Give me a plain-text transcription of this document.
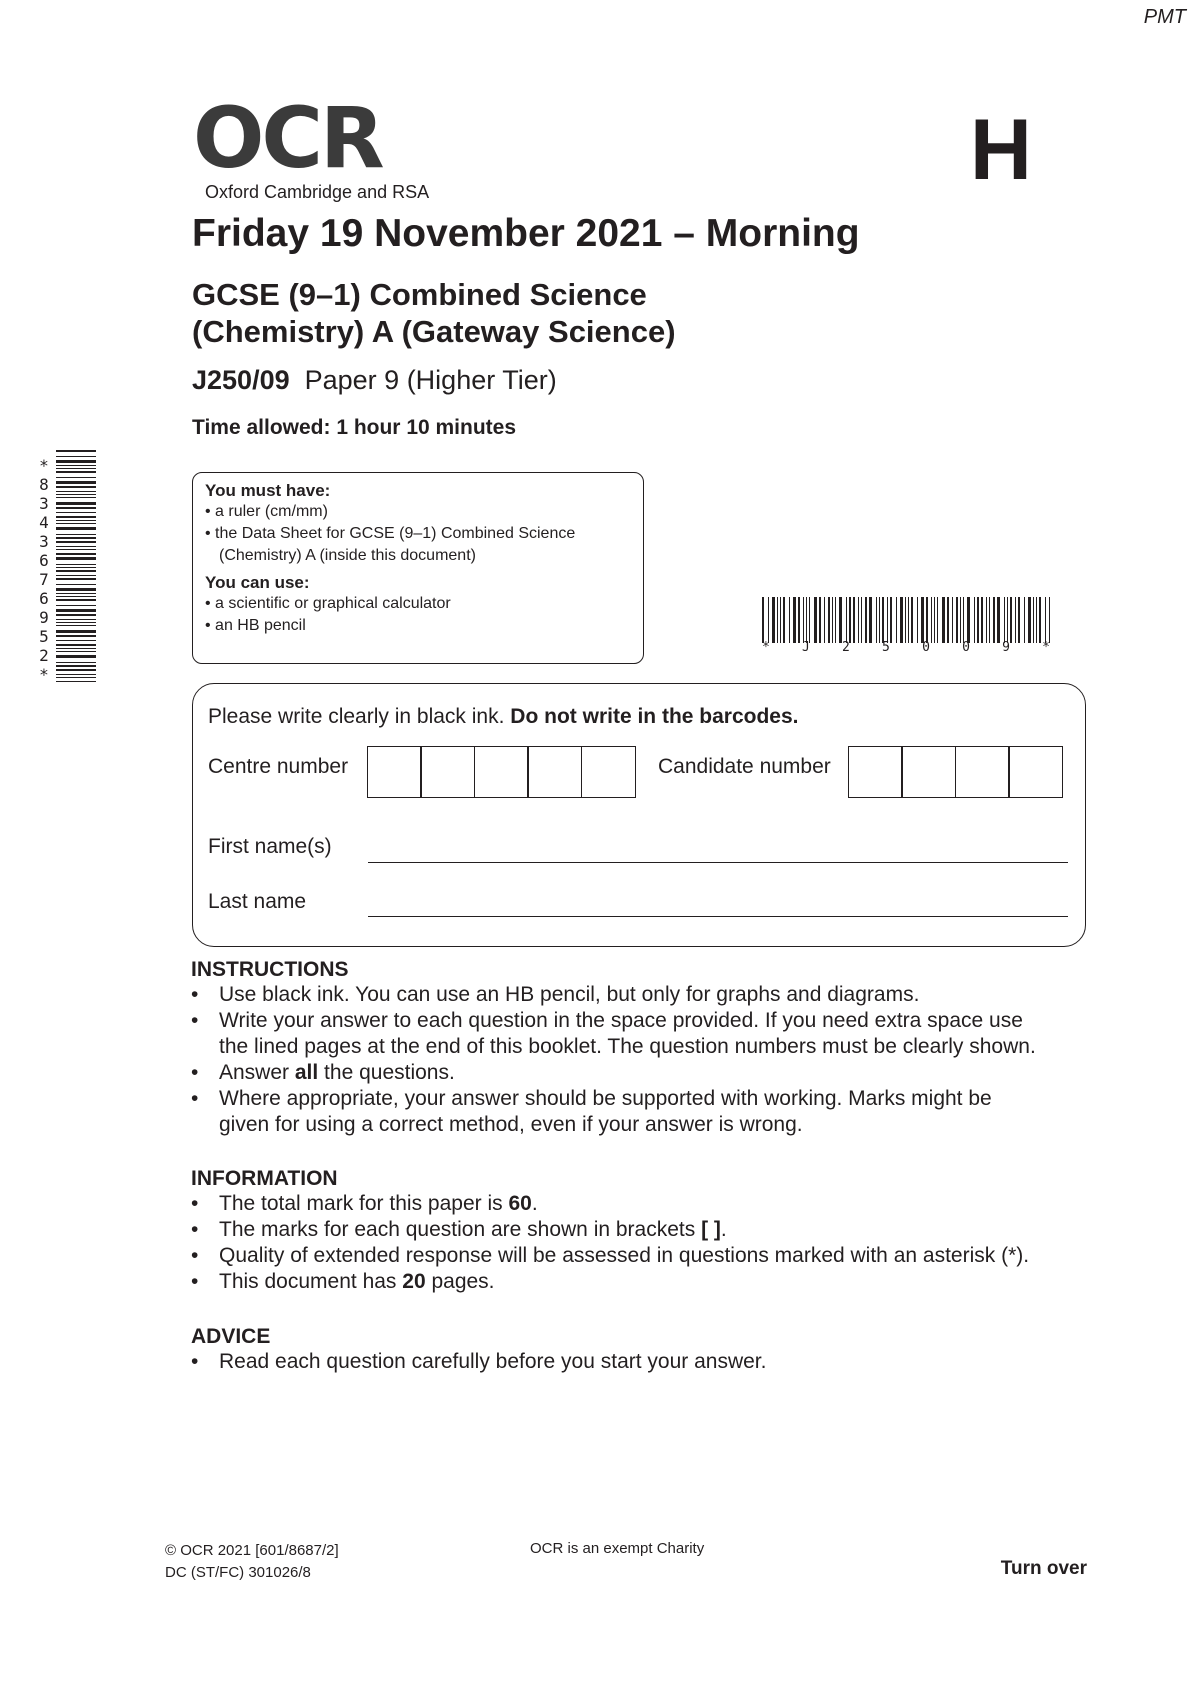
PMT
OCR
Oxford Cambridge and RSA	H
Friday 19 November 2021 – Morning
GCSE (9–1) Combined Science
(Chemistry) A (Gateway Science)
J250/09 Paper 9 (Higher Tier)
Time allowed: 1 hour 10 minutes
*
8
3
4
3
6
7
6
9
5
2
*
You must have:
• a ruler (cm/mm)
• the Data Sheet for GCSE (9–1) Combined Science
(Chemistry) A (inside this document)
You can use:
• a scientific or graphical calculator
• an HB pencil
* J 2 5 0 0 9 *
Please write clearly in black ink. Do not write in the barcodes.
Centre number	Candidate number
First name(s)
Last name
INSTRUCTIONS
• Use black ink. You can use an HB pencil, but only for graphs and diagrams.
• Write your answer to each question in the space provided. If you need extra space use
the lined pages at the end of this booklet. The question numbers must be clearly shown.
• Answer all the questions.
• Where appropriate, your answer should be supported with working. Marks might be
given for using a correct method, even if your answer is wrong.
INFORMATION
• The total mark for this paper is 60.
• The marks for each question are shown in brackets [ ].
• Quality of extended response will be assessed in questions marked with an asterisk (*).
• This document has 20 pages.
ADVICE
• Read each question carefully before you start your answer.
© OCR 2021 [601/8687/2]
DC (ST/FC) 301026/8
OCR is an exempt Charity
Turn over
